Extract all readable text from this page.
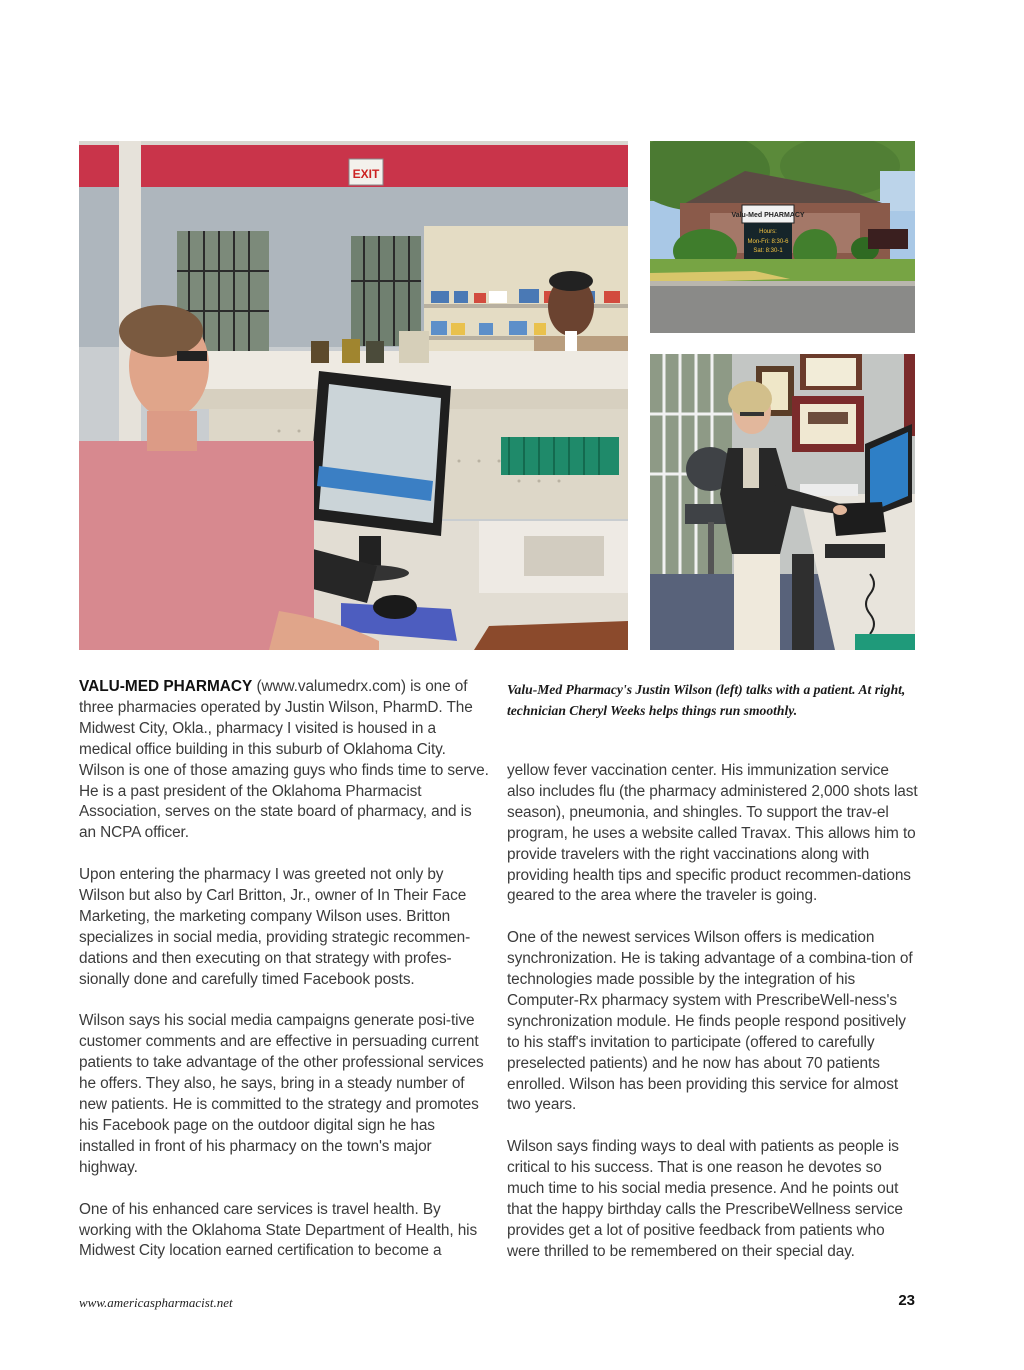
EXIT
Valu-Med PHARMACY
Hours:
Mon-Fri: 8:30-6
Sat: 8:30-1
Valu-Med Pharmacy's Justin Wilson (left) talks with a patient. At right, technician Cheryl Weeks helps things run smoothly.

VALU-MED PHARMACY (www.valumedrx.com) is one of three pharmacies operated by Justin Wilson, PharmD. The Midwest City, Okla., pharmacy I visited is housed in a medical office building in this suburb of Oklahoma City. Wilson is one of those amazing guys who finds time to serve. He is a past president of the Oklahoma Pharmacist Association, serves on the state board of pharmacy, and is an NCPA officer.

Upon entering the pharmacy I was greeted not only by Wilson but also by Carl Britton, Jr., owner of In Their Face Marketing, the marketing company Wilson uses. Britton specializes in social media, providing strategic recommen-dations and then executing on that strategy with profes-sionally done and carefully timed Facebook posts.

Wilson says his social media campaigns generate posi-tive customer comments and are effective in persuading current patients to take advantage of the other professional services he offers. They also, he says, bring in a steady number of new patients. He is committed to the strategy and promotes his Facebook page on the outdoor digital sign he has installed in front of his pharmacy on the town's major highway.

One of his enhanced care services is travel health. By working with the Oklahoma State Department of Health, his Midwest City location earned certification to become a

yellow fever vaccination center. His immunization service also includes flu (the pharmacy administered 2,000 shots last season), pneumonia, and shingles. To support the trav-el program, he uses a website called Travax. This allows him to provide travelers with the right vaccinations along with providing health tips and specific product recommen-dations geared to the area where the traveler is going.

One of the newest services Wilson offers is medication synchronization. He is taking advantage of a combina-tion of technologies made possible by the integration of his Computer-Rx pharmacy system with PrescribeWell-ness's synchronization module. He finds people respond positively to his staff's invitation to participate (offered to carefully preselected patients) and he now has about 70 patients enrolled. Wilson has been providing this service for almost two years.

Wilson says finding ways to deal with patients as people is critical to his success. That is one reason he devotes so much time to his social media presence. And he points out that the happy birthday calls the PrescribeWellness service provides get a lot of positive feedback from patients who were thrilled to be remembered on their special day.

www.americaspharmacist.net	23
